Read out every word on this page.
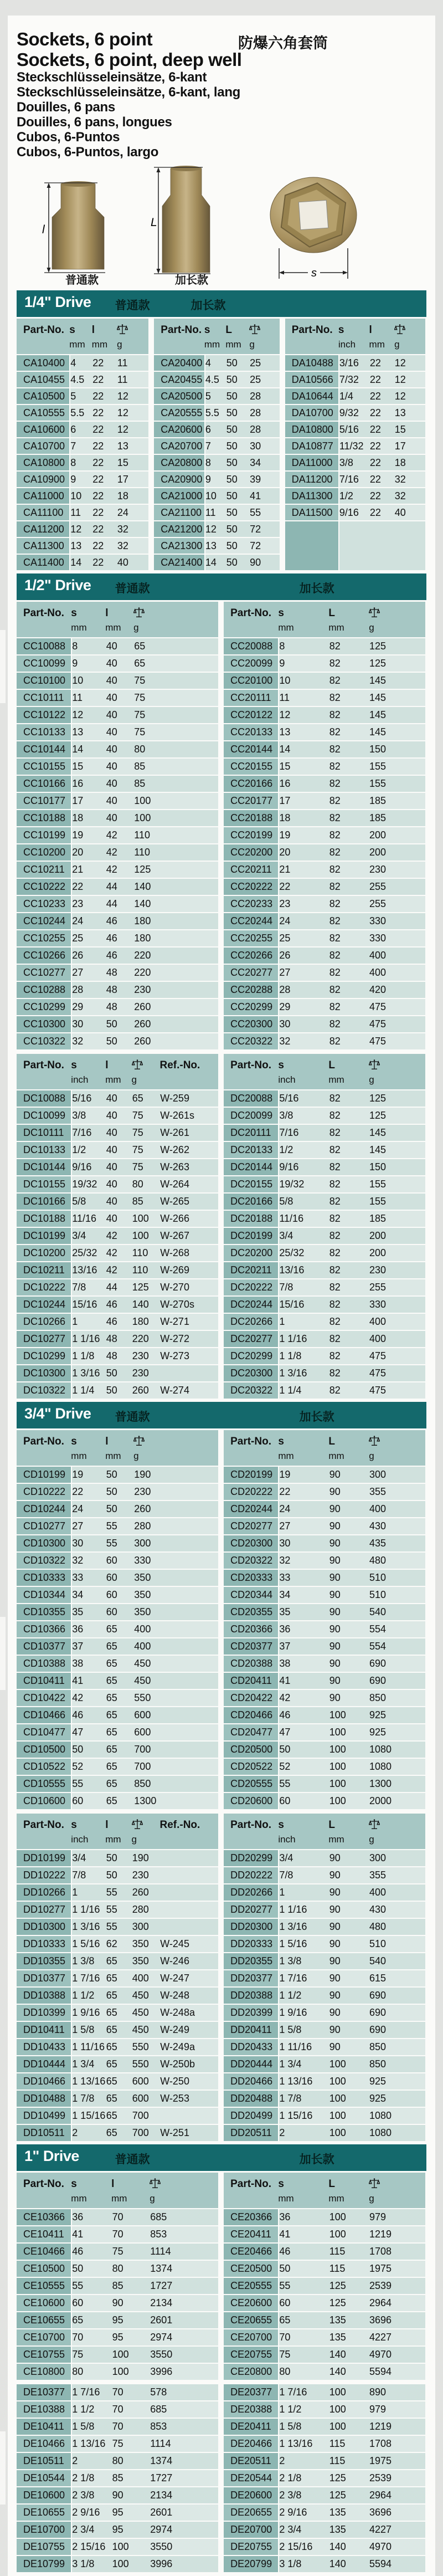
Sockets, 6 point
Sockets, 6 point, deep well
Steckschlüsseleinsätze, 6-kant
Steckschlüsseleinsätze, 6-kant, lang
Douilles, 6 pans
Douilles, 6 pans, longues
Cubos, 6-Puntos
Cubos, 6-Puntos, largo
防爆六角套筒
l
L
s
普通款	加长款
1/4" Drive 普通款	加长款
Part-No. s	l
mm mm g
CA10400 4	22	11
CA10455 4.5 22	11
CA10500 5	22	12
CA10555 5.5 22	12
CA10600 6	22	12
CA10700 7	22	13
CA10800 8	22	15
CA10900 9	22	17
CA11000 10	22	18
CA11100 11	22	24
CA11200 12	22	32
CA11300 13	22	32
CA11400 14	22	40
Part-No. s	L
mm mm g
CA20400 4	50	25
CA20455 4.5 50	25
CA20500 5	50	28
CA20555 5.5 50	28
CA20600 6	50	28
CA20700 7	50	30
CA20800 8	50	34
CA20900 9	50	39
CA21000 10 50	41
CA21100 11	50	55
CA21200 12 50	72
CA21300 13 50	72
CA21400 14 50	90
Part-No. s	l
inch	mm	g
DA10488 3/16	22	12
DA10566 7/32	22	12
DA10644 1/4	22	12
DA10700 9/32	22	13
DA10800 5/16	22	15
DA10877 11/32 22	17
DA11000 3/8	22	18
DA11200 7/16	22	32
DA11300 1/2	22	32
DA11500 9/16	22	40
1/2" Drive 普通款	加长款
Part-No. s	l
mm	mm	g
CC10088 8	40	65
CC10099 9	40	65
CC10100 10	40	75
CC10111 11	40	75
CC10122 12	40	75
CC10133 13	40	75
CC10144 14	40	80
CC10155 15	40	85
CC10166 16	40	85
CC10177 17	40	100
CC10188 18	40	100
CC10199 19	42	110
CC10200 20	42	110
CC10211 21	42	125
CC10222 22	44	140
CC10233 23	44	140
CC10244 24	46	180
CC10255 25	46	180
CC10266 26	46	220
CC10277 27	48	220
CC10288 28	48	230
CC10299 29	48	260
CC10300 30	50	260
CC10322 32	50	260
Part-No. s	L
mm	mm	g
CC20088 8	82	125
CC20099 9	82	125
CC20100 10	82	145
CC20111 11	82	145
CC20122 12	82	145
CC20133 13	82	145
CC20144 14	82	150
CC20155 15	82	155
CC20166 16	82	155
CC20177 17	82	185
CC20188 18	82	185
CC20199 19	82	200
CC20200 20	82	200
CC20211 21	82	230
CC20222 22	82	255
CC20233 23	82	255
CC20244 24	82	330
CC20255 25	82	330
CC20266 26	82	400
CC20277 27	82	400
CC20288 28	82	420
CC20299 29	82	475
CC20300 30	82	475
CC20322 32	82	475
Part-No. s	l	Ref.-No.
inch	mm	g
DC10088 5/16	40	65	W-259
DC10099 3/8	40	75	W-261s
DC10111 7/16	40	75	W-261
DC10133 1/2	40	75	W-262
DC10144 9/16	40	75	W-263
DC10155 19/32 40	80	W-264
DC10166 5/8	40	85	W-265
DC10188 11/16 40	100	W-266
DC10199 3/4	42	100	W-267
DC10200 25/32 42	110	W-268
DC10211 13/16 42	110	W-269
DC10222 7/8	44	125	W-270
DC10244 15/16 46	140	W-270s
DC10266 1	46	180	W-271
DC10277 1 1/16 48	220	W-272
DC10299 1 1/8	48	230	W-273
DC10300 1 3/16 50	230
DC10322 1 1/4	50	260	W-274
Part-No. s	L
inch	mm	g
DC20088 5/16	82	125
DC20099 3/8	82	125
DC20111 7/16	82	145
DC20133 1/2	82	145
DC20144 9/16	82	150
DC20155 19/32	82	155
DC20166 5/8	82	155
DC20188 11/16	82	185
DC20199 3/4	82	200
DC20200 25/32	82	200
DC20211 13/16	82	230
DC20222 7/8	82	255
DC20244 15/16	82	330
DC20266 1	82	400
DC20277 1 1/16	82	400
DC20299 1 1/8	82	475
DC20300 1 3/16	82	475
DC20322 1 1/4	82	475
3/4" Drive 普通款	加长款
Part-No. s	l
mm	mm	g
CD10199 19	50	190
CD10222 22	50	230
CD10244 24	50	260
CD10277 27	55	280
CD10300 30	55	300
CD10322 32	60	330
CD10333 33	60	350
CD10344 34	60	350
CD10355 35	60	350
CD10366 36	65	400
CD10377 37	65	400
CD10388 38	65	450
CD10411 41	65	450
CD10422 42	65	550
CD10466 46	65	600
CD10477 47	65	600
CD10500 50	65	700
CD10522 52	65	700
CD10555 55	65	850
CD10600 60	65	1300
Part-No. s	L
mm	mm	g
CD20199 19	90	300
CD20222 22	90	355
CD20244 24	90	400
CD20277 27	90	430
CD20300 30	90	435
CD20322 32	90	480
CD20333 33	90	510
CD20344 34	90	510
CD20355 35	90	540
CD20366 36	90	554
CD20377 37	90	554
CD20388 38	90	690
CD20411 41	90	690
CD20422 42	90	850
CD20466 46	100	925
CD20477 47	100	925
CD20500 50	100	1080
CD20522 52	100	1080
CD20555 55	100	1300
CD20600 60	100	2000
Part-No. s	l	Ref.-No.
inch	mm	g
DD10199 3/4	50	190
DD10222 7/8	50	230
DD10266 1	55	260
DD10277 1 1/16 55	280
DD10300 1 3/16 55	300
DD10333 1 5/16 62	350	W-245
DD10355 1 3/8	65	350	W-246
DD10377 1 7/16 65	400	W-247
DD10388 1 1/2	65	450	W-248
DD10399 1 9/16 65	450	W-248a
DD10411 1 5/8	65	450	W-249
DD10433 1 11/16 65	550	W-249a
DD10444 1 3/4	65	550	W-250b
DD10466 1 13/16 65	600	W-250
DD10488 1 7/8	65	600	W-253
DD10499 1 15/16 65	700
DD10511 2	65	700	W-251
Part-No. s	L
inch	mm	g
DD20299 3/4	90	300
DD20222 7/8	90	355
DD20266 1	90	400
DD20277 1 1/16	90	430
DD20300 1 3/16	90	480
DD20333 1 5/16	90	510
DD20355 1 3/8	90	540
DD20377 1 7/16	90	615
DD20388 1 1/2	90	690
DD20399 1 9/16	90	690
DD20411 1 5/8	90	690
DD20433 1 11/16	90	850
DD20444 1 3/4	100	850
DD20466 1 13/16	100	925
DD20488 1 7/8	100	925
DD20499 1 15/16	100	1080
DD20511 2	100	1080
1" Drive	普通款	加长款
Part-No. s	l
mm	mm	g
CE10366 36	70	685
CE10411 41	70	853
CE10466 46	75	1114
CE10500 50	80	1374
CE10555 55	85	1727
CE10600 60	90	2134
CE10655 65	95	2601
CE10700 70	95	2974
CE10755 75	100	3550
CE10800 80	100	3996
DE10377 1 7/16	70	578
DE10388 1 1/2	70	685
DE10411 1 5/8	70	853
DE10466 1 13/16 75	1114
DE10511 2	80	1374
DE10544 2 1/8	85	1727
DE10600 2 3/8	90	2134
DE10655 2 9/16	95	2601
DE10700 2 3/4	95	2974
DE10755 2 15/16 100	3550
DE10799 3 1/8	100	3996
Part-No. s	L
mm	mm	g
CE20366 36	100	979
CE20411 41	100	1219
CE20466 46	115	1708
CE20500 50	115	1975
CE20555 55	125	2539
CE20600 60	125	2964
CE20655 65	135	3696
CE20700 70	135	4227
CE20755 75	140	4970
CE20800 80	140	5594
DE20377 1 7/16	100	890
DE20388 1 1/2	100	979
DE20411 1 5/8	100	1219
DE20466 1 13/16	115	1708
DE20511 2	115	1975
DE20544 2 1/8	125	2539
DE20600 2 3/8	125	2964
DE20655 2 9/16	135	3696
DE20700 2 3/4	135	4227
DE20755 2 15/16	140	4970
DE20799 3 1/8	140	5594
